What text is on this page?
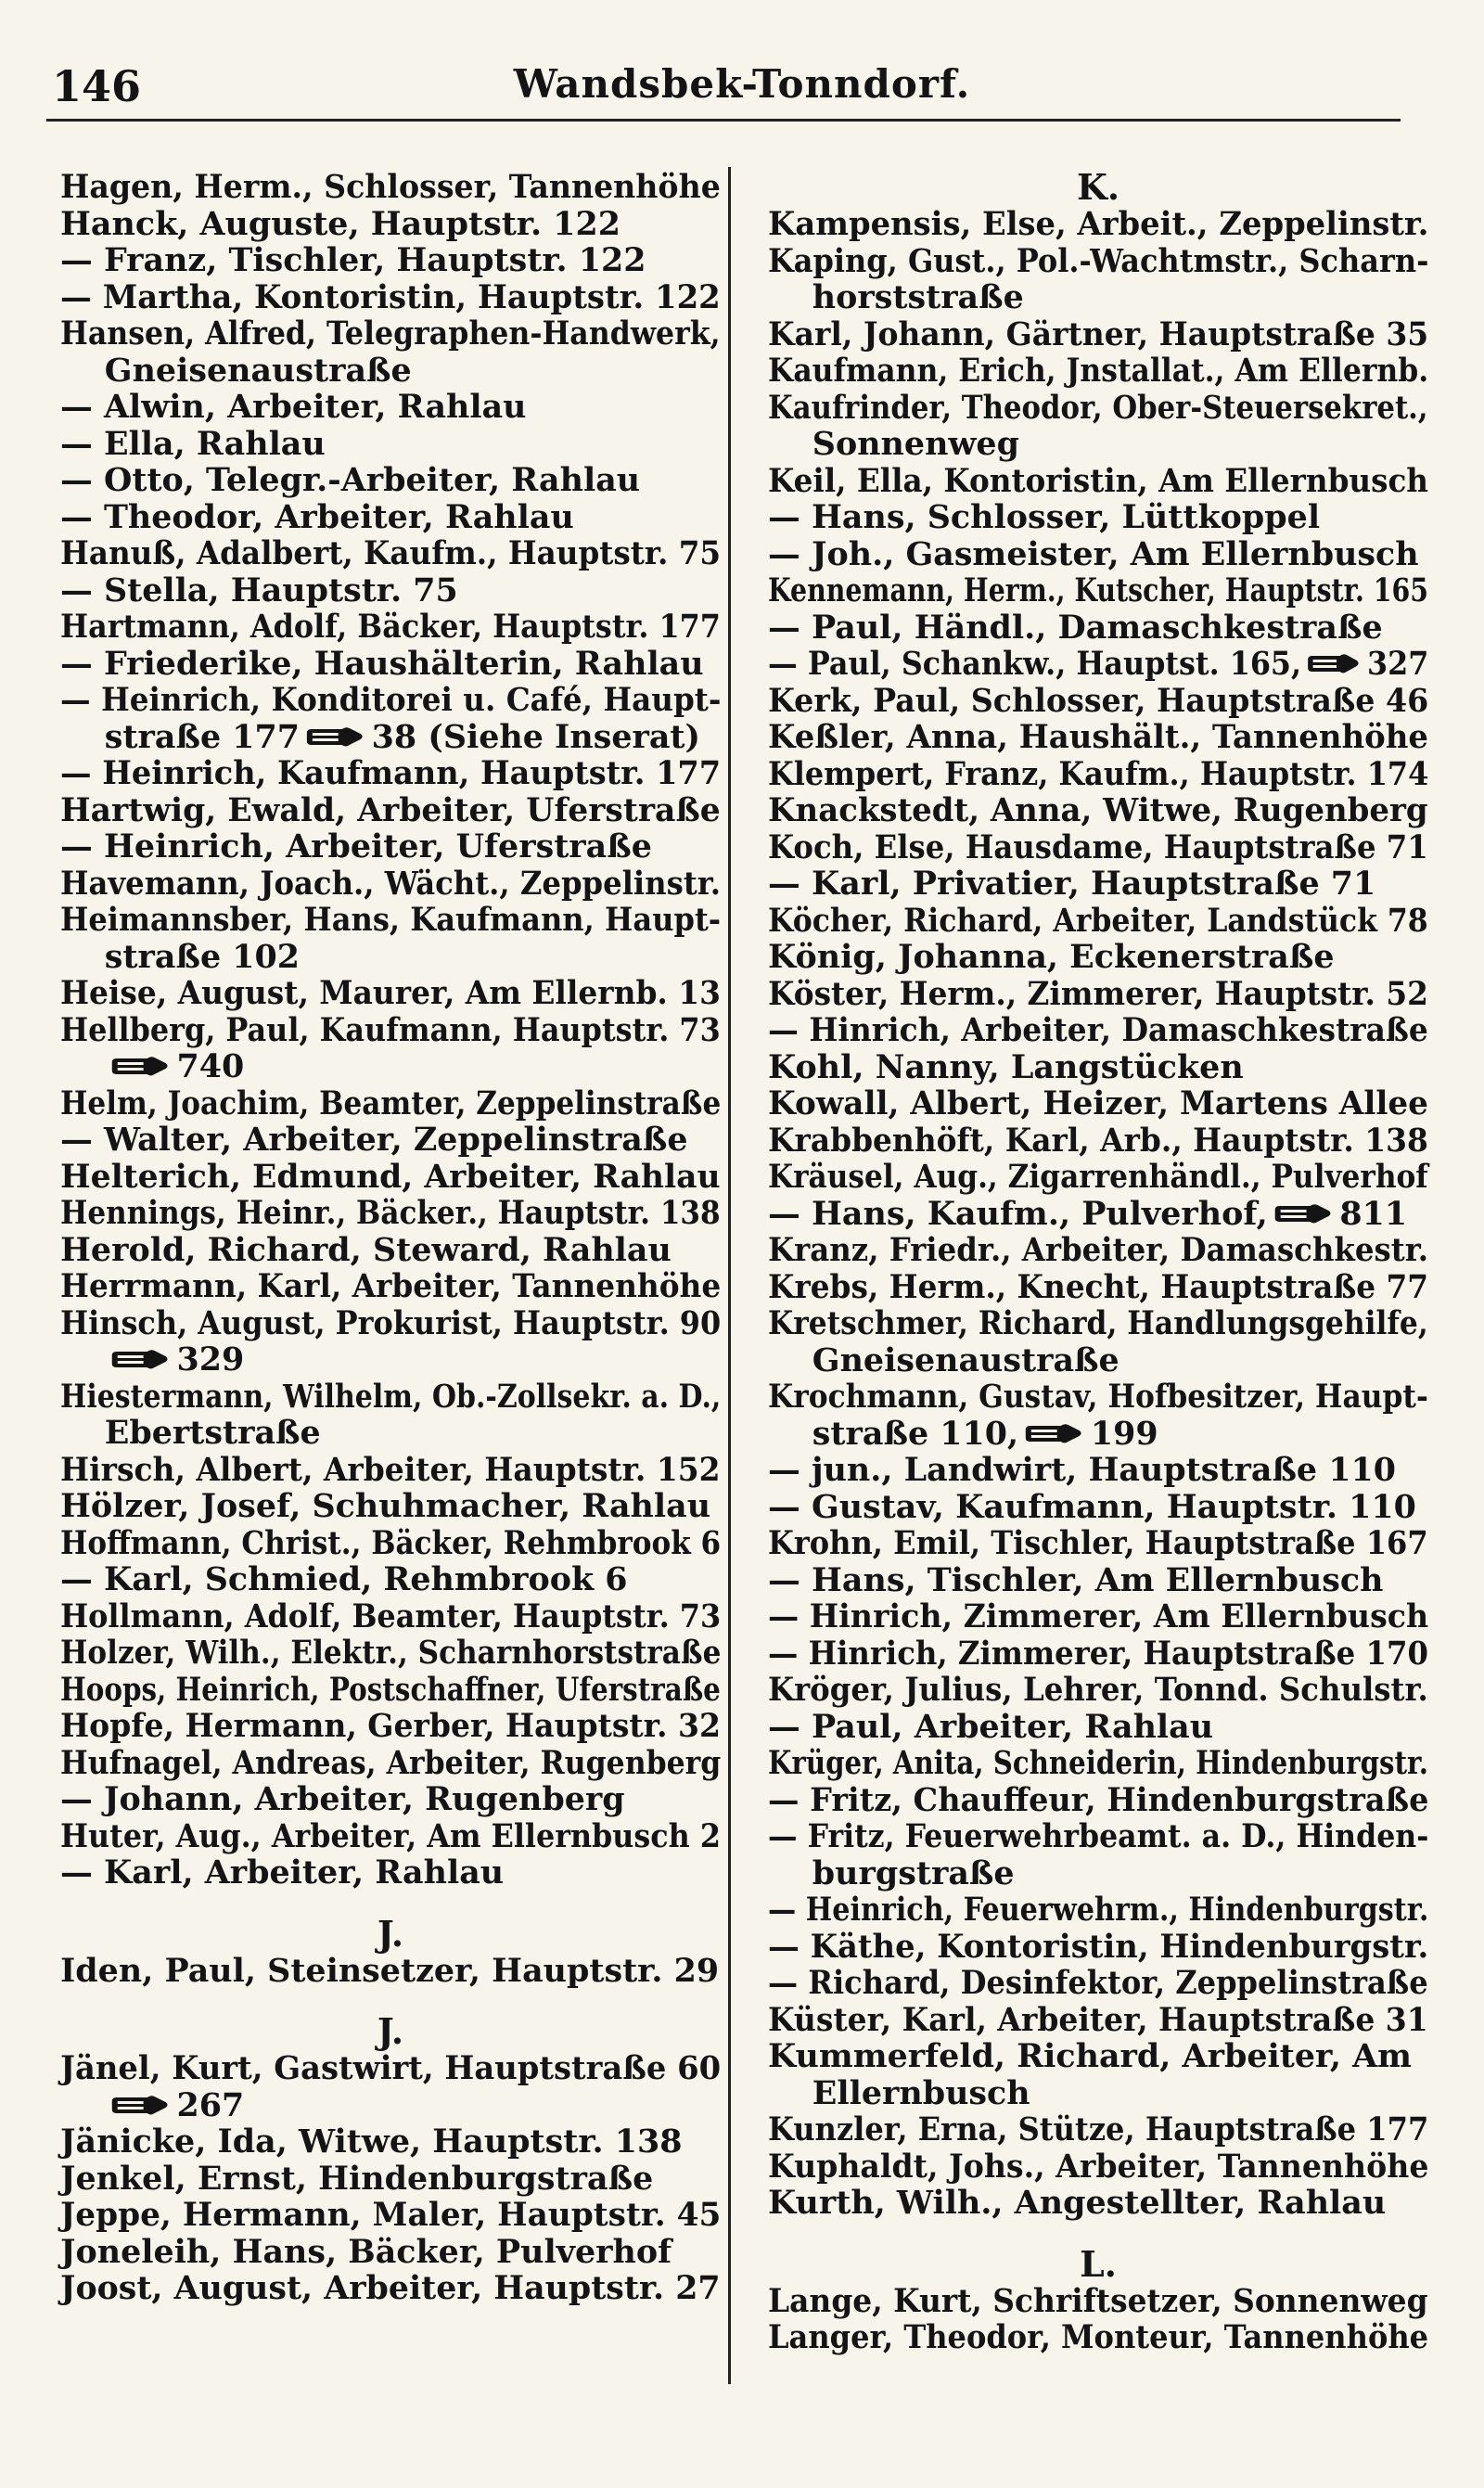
146	Wandsbek-Tonndorf.
Hagen, Herm., Schlosser, Tannenhöhe
Hanck, Auguste, Hauptstr. 122
— Franz, Tischler, Hauptstr. 122
— Martha, Kontoristin, Hauptstr. 122
Hansen, Alfred, Telegraphen-Handwerk,
Gneisenaustraße
— Alwin, Arbeiter, Rahlau
— Ella, Rahlau
— Otto, Telegr.-Arbeiter, Rahlau
— Theodor, Arbeiter, Rahlau
Hanuß, Adalbert, Kaufm., Hauptstr. 75
— Stella, Hauptstr. 75
Hartmann, Adolf, Bäcker, Hauptstr. 177
— Friederike, Haushälterin, Rahlau
— Heinrich, Konditorei u. Café, Haupt-
straße 177 38 (Siehe Inserat)
— Heinrich, Kaufmann, Hauptstr. 177
Hartwig, Ewald, Arbeiter, Uferstraße
— Heinrich, Arbeiter, Uferstraße
Havemann, Joach., Wächt., Zeppelinstr.
Heimannsber, Hans, Kaufmann, Haupt-
straße 102
Heise, August, Maurer, Am Ellernb. 13
Hellberg, Paul, Kaufmann, Hauptstr. 73
740
Helm, Joachim, Beamter, Zeppelinstraße
— Walter, Arbeiter, Zeppelinstraße
Helterich, Edmund, Arbeiter, Rahlau
Hennings, Heinr., Bäcker., Hauptstr. 138
Herold, Richard, Steward, Rahlau
Herrmann, Karl, Arbeiter, Tannenhöhe
Hinsch, August, Prokurist, Hauptstr. 90
329
Hiestermann, Wilhelm, Ob.-Zollsekr. a. D.,
Ebertstraße
Hirsch, Albert, Arbeiter, Hauptstr. 152
Hölzer, Josef, Schuhmacher, Rahlau
Hoffmann, Christ., Bäcker, Rehmbrook 6
— Karl, Schmied, Rehmbrook 6
Hollmann, Adolf, Beamter, Hauptstr. 73
Holzer, Wilh., Elektr., Scharnhorststraße
Hoops, Heinrich, Postschaffner, Uferstraße
Hopfe, Hermann, Gerber, Hauptstr. 32
Hufnagel, Andreas, Arbeiter, Rugenberg
— Johann, Arbeiter, Rugenberg
Huter, Aug., Arbeiter, Am Ellernbusch 2
— Karl, Arbeiter, Rahlau
J.
Iden, Paul, Steinsetzer, Hauptstr. 29
J.
Jänel, Kurt, Gastwirt, Hauptstraße 60
267
Jänicke, Ida, Witwe, Hauptstr. 138
Jenkel, Ernst, Hindenburgstraße
Jeppe, Hermann, Maler, Hauptstr. 45
Joneleih, Hans, Bäcker, Pulverhof
Joost, August, Arbeiter, Hauptstr. 27
K.
Kampensis, Else, Arbeit., Zeppelinstr.
Kaping, Gust., Pol.-Wachtmstr., Scharn-
horststraße
Karl, Johann, Gärtner, Hauptstraße 35
Kaufmann, Erich, Jnstallat., Am Ellernb.
Kaufrinder, Theodor, Ober-Steuersekret.,
Sonnenweg
Keil, Ella, Kontoristin, Am Ellernbusch
— Hans, Schlosser, Lüttkoppel
— Joh., Gasmeister, Am Ellernbusch
Kennemann, Herm., Kutscher, Hauptstr. 165
— Paul, Händl., Damaschkestraße
— Paul, Schankw., Hauptst. 165, 327
Kerk, Paul, Schlosser, Hauptstraße 46
Keßler, Anna, Haushält., Tannenhöhe
Klempert, Franz, Kaufm., Hauptstr. 174
Knackstedt, Anna, Witwe, Rugenberg
Koch, Else, Hausdame, Hauptstraße 71
— Karl, Privatier, Hauptstraße 71
Köcher, Richard, Arbeiter, Landstück 78
König, Johanna, Eckenerstraße
Köster, Herm., Zimmerer, Hauptstr. 52
— Hinrich, Arbeiter, Damaschkestraße
Kohl, Nanny, Langstücken
Kowall, Albert, Heizer, Martens Allee
Krabbenhöft, Karl, Arb., Hauptstr. 138
Kräusel, Aug., Zigarrenhändl., Pulverhof
— Hans, Kaufm., Pulverhof, 811
Kranz, Friedr., Arbeiter, Damaschkestr.
Krebs, Herm., Knecht, Hauptstraße 77
Kretschmer, Richard, Handlungsgehilfe,
Gneisenaustraße
Krochmann, Gustav, Hofbesitzer, Haupt-
straße 110, 199
— jun., Landwirt, Hauptstraße 110
— Gustav, Kaufmann, Hauptstr. 110
Krohn, Emil, Tischler, Hauptstraße 167
— Hans, Tischler, Am Ellernbusch
— Hinrich, Zimmerer, Am Ellernbusch
— Hinrich, Zimmerer, Hauptstraße 170
Kröger, Julius, Lehrer, Tonnd. Schulstr.
— Paul, Arbeiter, Rahlau
Krüger, Anita, Schneiderin, Hindenburgstr.
— Fritz, Chauffeur, Hindenburgstraße
— Fritz, Feuerwehrbeamt. a. D., Hinden-
burgstraße
— Heinrich, Feuerwehrm., Hindenburgstr.
— Käthe, Kontoristin, Hindenburgstr.
— Richard, Desinfektor, Zeppelinstraße
Küster, Karl, Arbeiter, Hauptstraße 31
Kummerfeld, Richard, Arbeiter, Am
Ellernbusch
Kunzler, Erna, Stütze, Hauptstraße 177
Kuphaldt, Johs., Arbeiter, Tannenhöhe
Kurth, Wilh., Angestellter, Rahlau
L.
Lange, Kurt, Schriftsetzer, Sonnenweg
Langer, Theodor, Monteur, Tannenhöhe
